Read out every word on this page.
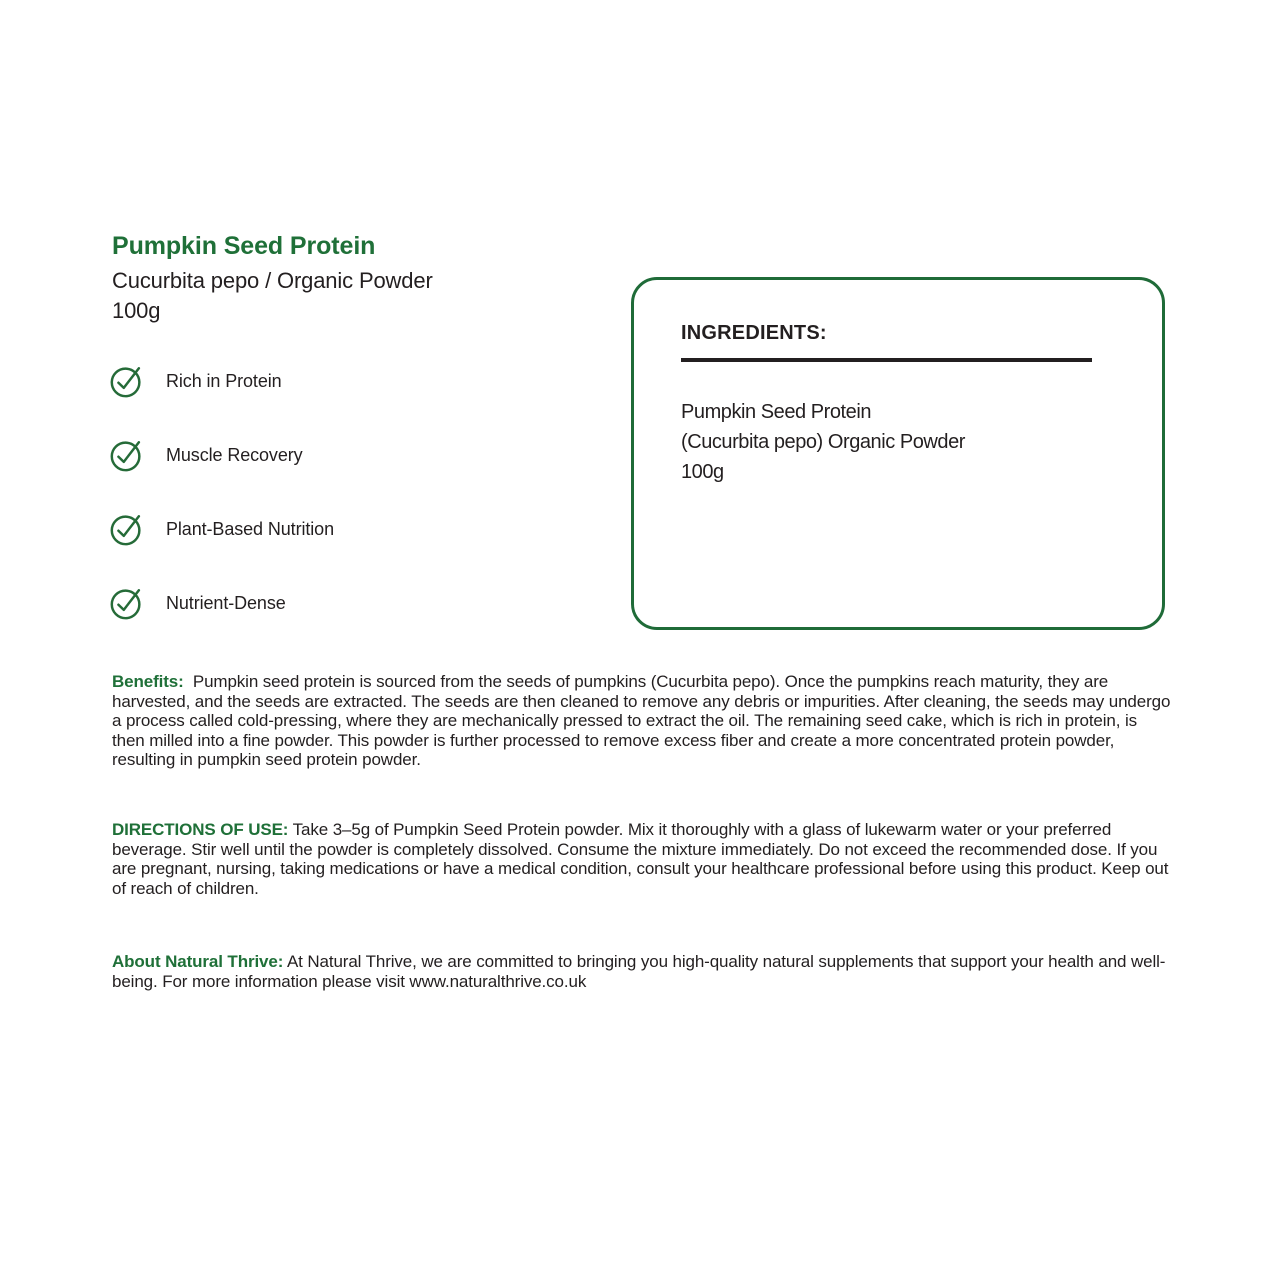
Pumpkin Seed Protein

Cucurbita pepo / Organic Powder

100g

Rich in Protein
Muscle Recovery
Plant-Based Nutrition
Nutrient-Dense
INGREDIENTS:
Pumpkin Seed Protein
(Cucurbita pepo) Organic Powder
100g

Benefits: Pumpkin seed protein is sourced from the seeds of pumpkins (Cucurbita pepo). Once the pumpkins reach maturity, they are harvested, and the seeds are extracted. The seeds are then cleaned to remove any debris or impurities. After cleaning, the seeds may undergo a process called cold-pressing, where they are mechanically pressed to extract the oil. The remaining seed cake, which is rich in protein, is then milled into a fine powder. This powder is further processed to remove excess fiber and create a more concentrated protein powder, resulting in pumpkin seed protein powder.

DIRECTIONS OF USE: Take 3–5g of Pumpkin Seed Protein powder. Mix it thoroughly with a glass of lukewarm water or your preferred beverage. Stir well until the powder is completely dissolved. Consume the mixture immediately. Do not exceed the recommended dose. If you are pregnant, nursing, taking medications or have a medical condition, consult your healthcare professional before using this product. Keep out of reach of children.

About Natural Thrive: At Natural Thrive, we are committed to bringing you high-quality natural supplements that support your health and well-being. For more information please visit www.naturalthrive.co.uk
